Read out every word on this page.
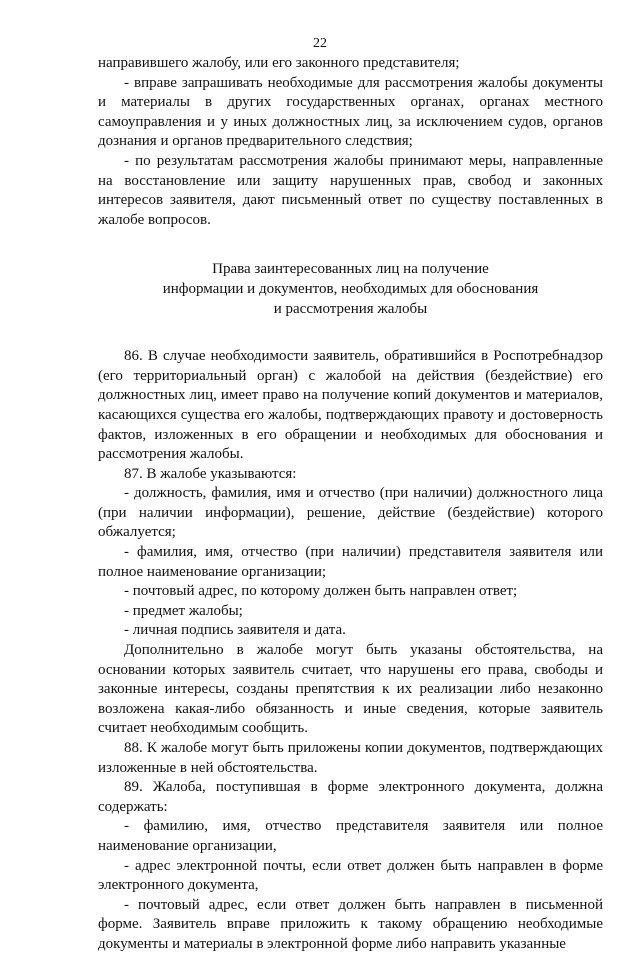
22

направившего жалобу, или его законного представителя;

- вправе запрашивать необходимые для рассмотрения жалобы документы и материалы в других государственных органах, органах местного самоуправления и у иных должностных лиц, за исключением судов, органов дознания и органов предварительного следствия;

- по результатам рассмотрения жалобы принимают меры, направленные на восстановление или защиту нарушенных прав, свобод и законных интересов заявителя, дают письменный ответ по существу поставленных в жалобе вопросов.

Права заинтересованных лиц на получение
информации и документов, необходимых для обоснования
и рассмотрения жалобы

86. В случае необходимости заявитель, обратившийся в Роспотребнадзор (его территориальный орган) с жалобой на действия (бездействие) его должностных лиц, имеет право на получение копий документов и материалов, касающихся существа его жалобы, подтверждающих правоту и достоверность фактов, изложенных в его обращении и необходимых для обоснования и рассмотрения жалобы.

87. В жалобе указываются:

- должность, фамилия, имя и отчество (при наличии) должностного лица (при наличии информации), решение, действие (бездействие) которого обжалуется;

- фамилия, имя, отчество (при наличии) представителя заявителя или полное наименование организации;

- почтовый адрес, по которому должен быть направлен ответ;

- предмет жалобы;

- личная подпись заявителя и дата.

Дополнительно в жалобе могут быть указаны обстоятельства, на основании которых заявитель считает, что нарушены его права, свободы и законные интересы, созданы препятствия к их реализации либо незаконно возложена какая-либо обязанность и иные сведения, которые заявитель считает необходимым сообщить.

88. К жалобе могут быть приложены копии документов, подтверждающих изложенные в ней обстоятельства.

89. Жалоба, поступившая в форме электронного документа, должна содержать:

- фамилию, имя, отчество представителя заявителя или полное наименование организации,

- адрес электронной почты, если ответ должен быть направлен в форме электронного документа,

- почтовый адрес, если ответ должен быть направлен в письменной форме. Заявитель вправе приложить к такому обращению необходимые документы и материалы в электронной форме либо направить указанные
